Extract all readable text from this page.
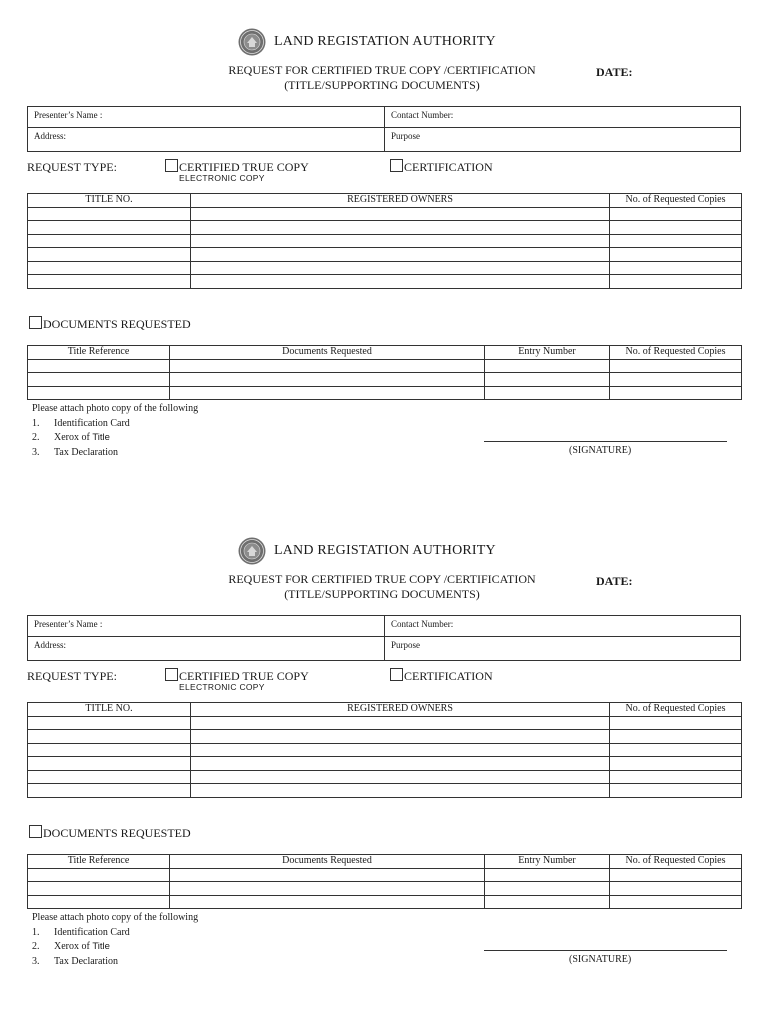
LAND REGISTATION AUTHORITY
REQUEST FOR CERTIFIED TRUE COPY /CERTIFICATION
(TITLE/SUPPORTING DOCUMENTS)
DATE:
Presenter’s Name :	Contact Number:
Address:	Purpose
REQUEST TYPE:	CERTIFIED TRUE COPY
ELECTRONIC COPY
CERTIFICATION
TITLE NO.	REGISTERED OWNERS	No. of Requested Copies

DOCUMENTS REQUESTED
Title Reference	Documents Requested	Entry Number	No. of Requested Copies

Please attach photo copy of the following
1. Identification Card
2. Xerox of Title
3. Tax Declaration	(SIGNATURE)
LAND REGISTATION AUTHORITY
REQUEST FOR CERTIFIED TRUE COPY /CERTIFICATION
(TITLE/SUPPORTING DOCUMENTS)
DATE:
Presenter’s Name :	Contact Number:
Address:	Purpose
REQUEST TYPE:	CERTIFIED TRUE COPY
ELECTRONIC COPY
CERTIFICATION
TITLE NO.	REGISTERED OWNERS	No. of Requested Copies

DOCUMENTS REQUESTED
Title Reference	Documents Requested	Entry Number	No. of Requested Copies

Please attach photo copy of the following
1. Identification Card
2. Xerox of Title
3. Tax Declaration	(SIGNATURE)
